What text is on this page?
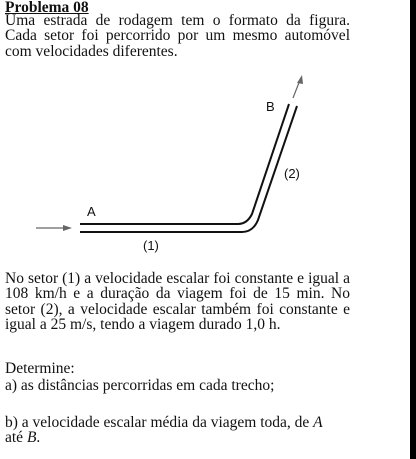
Problema 08
Uma estrada de rodagem tem o formato da figura. Cada setor foi percorrido por um mesmo automóvel com velocidades diferentes.
A
B
(1)
(2)
No setor (1) a velocidade escalar foi constante e igual a 108 km/h e a duração da viagem foi de 15 min. No setor (2), a velocidade escalar também foi constante e igual a 25 m/s, tendo a viagem durado 1,0 h.
Determine:
a) as distâncias percorridas em cada trecho;
b) a velocidade escalar média da viagem toda, de A
até B.
